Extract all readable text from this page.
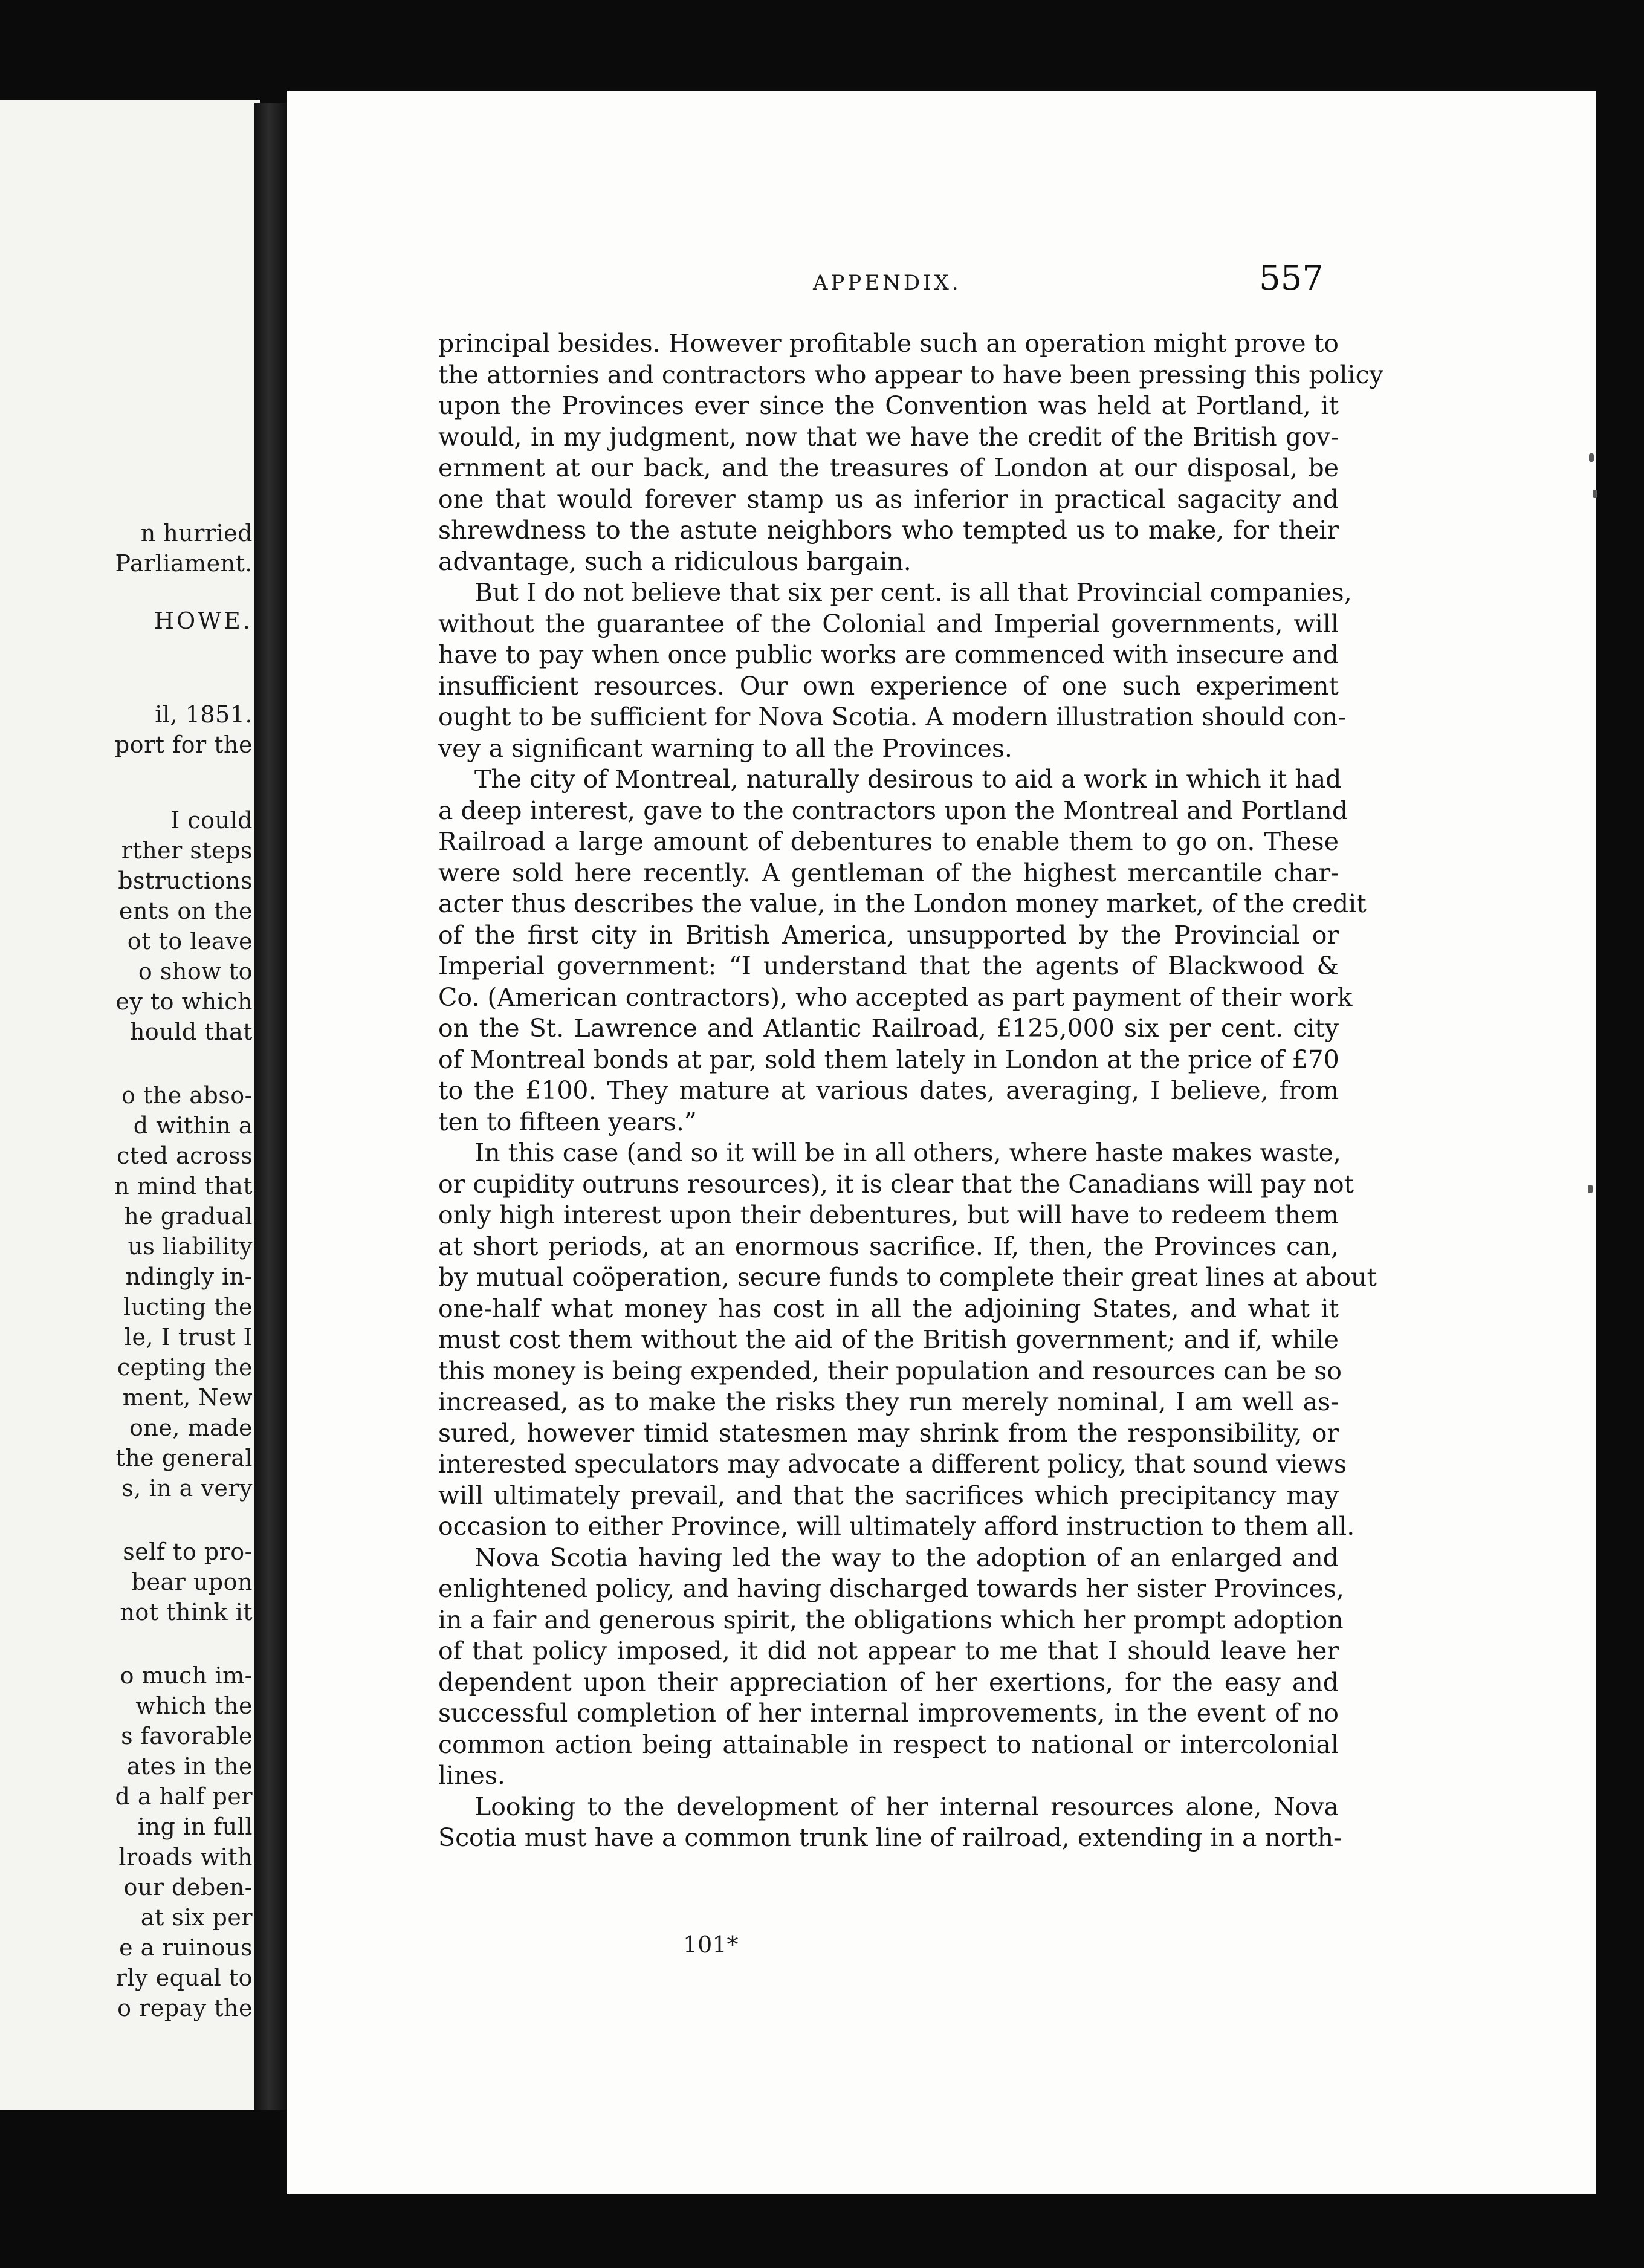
n hurried
Parliament.
HOWE.
il, 1851.
port for the
I could
rther steps
bstructions
ents on the
ot to leave
o show to
ey to which
hould that
o the abso-
d within a
cted across
n mind that
he gradual
us liability
ndingly in-
lucting the
le, I trust I
cepting the
ment, New
one, made
the general
s, in a very
self to pro-
bear upon
not think it
o much im-
which the
s favorable
ates in the
d a half per
ing in full
lroads with
our deben-
at six per
e a ruinous
rly equal to
o repay the
APPENDIX.	557
principal besides. However profitable such an operation might prove to
the attornies and contractors who appear to have been pressing this policy
upon the Provinces ever since the Convention was held at Portland, it
would, in my judgment, now that we have the credit of the British gov-
ernment at our back, and the treasures of London at our disposal, be
one that would forever stamp us as inferior in practical sagacity and
shrewdness to the astute neighbors who tempted us to make, for their
advantage, such a ridiculous bargain.
But I do not believe that six per cent. is all that Provincial companies,
without the guarantee of the Colonial and Imperial governments, will
have to pay when once public works are commenced with insecure and
insufficient resources. Our own experience of one such experiment
ought to be sufficient for Nova Scotia. A modern illustration should con-
vey a significant warning to all the Provinces.
The city of Montreal, naturally desirous to aid a work in which it had
a deep interest, gave to the contractors upon the Montreal and Portland
Railroad a large amount of debentures to enable them to go on. These
were sold here recently. A gentleman of the highest mercantile char-
acter thus describes the value, in the London money market, of the credit
of the first city in British America, unsupported by the Provincial or
Imperial government: “I understand that the agents of Blackwood &
Co. (American contractors), who accepted as part payment of their work
on the St. Lawrence and Atlantic Railroad, £125,000 six per cent. city
of Montreal bonds at par, sold them lately in London at the price of £70
to the £100. They mature at various dates, averaging, I believe, from
ten to fifteen years.”
In this case (and so it will be in all others, where haste makes waste,
or cupidity outruns resources), it is clear that the Canadians will pay not
only high interest upon their debentures, but will have to redeem them
at short periods, at an enormous sacrifice. If, then, the Provinces can,
by mutual coöperation, secure funds to complete their great lines at about
one-half what money has cost in all the adjoining States, and what it
must cost them without the aid of the British government; and if, while
this money is being expended, their population and resources can be so
increased, as to make the risks they run merely nominal, I am well as-
sured, however timid statesmen may shrink from the responsibility, or
interested speculators may advocate a different policy, that sound views
will ultimately prevail, and that the sacrifices which precipitancy may
occasion to either Province, will ultimately afford instruction to them all.
Nova Scotia having led the way to the adoption of an enlarged and
enlightened policy, and having discharged towards her sister Provinces,
in a fair and generous spirit, the obligations which her prompt adoption
of that policy imposed, it did not appear to me that I should leave her
dependent upon their appreciation of her exertions, for the easy and
successful completion of her internal improvements, in the event of no
common action being attainable in respect to national or intercolonial
lines.
Looking to the development of her internal resources alone, Nova
Scotia must have a common trunk line of railroad, extending in a north-
101*
